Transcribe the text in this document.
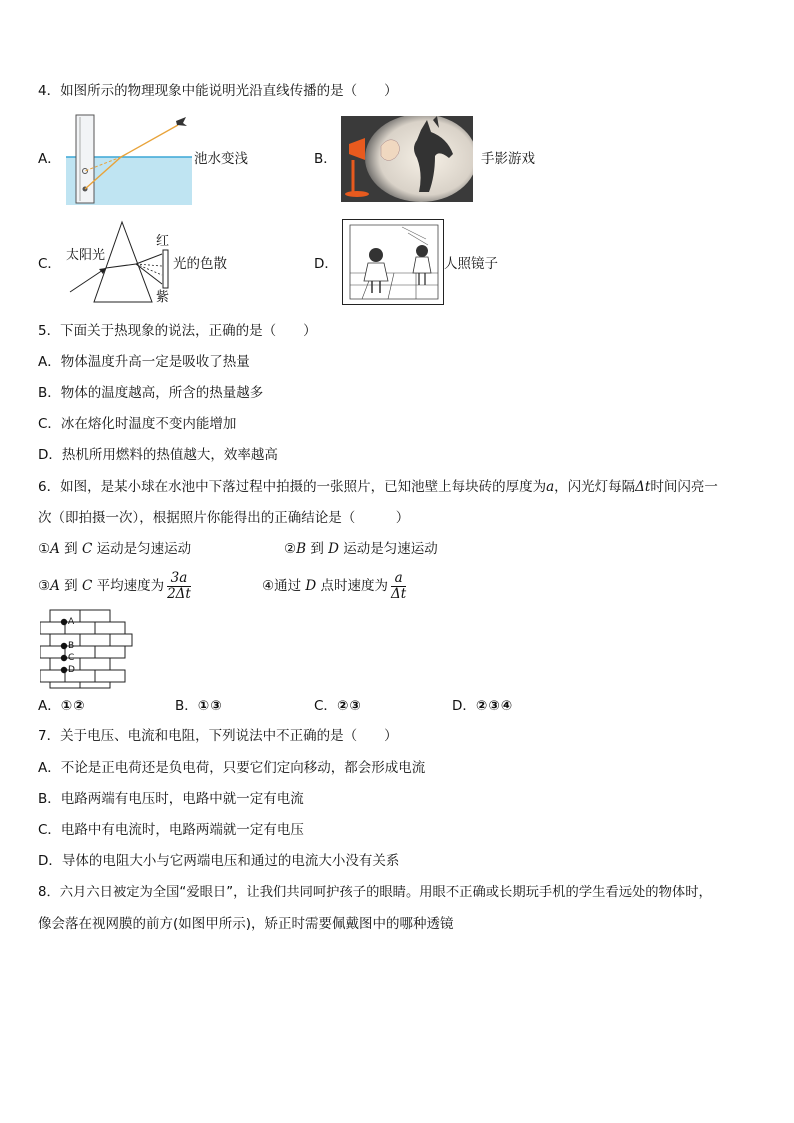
4．如图所示的物理现象中能说明光沿直线传播的是（　　）
A．	池水变浅	B．	手影游戏
C．
太阳光
红
紫
光的色散	D．	人照镜子
5．下面关于热现象的说法，正确的是（　　）
A．物体温度升高一定是吸收了热量
B．物体的温度越高，所含的热量越多
C．冰在熔化时温度不变内能增加
D．热机所用燃料的热值越大，效率越高
6．如图，是某小球在水池中下落过程中拍摄的一张照片，已知池壁上每块砖的厚度为a，闪光灯每隔Δt时间闪亮一
次（即拍摄一次），根据照片你能得出的正确结论是（　　　）
①A 到 C 运动是匀速运动	②B 到 D 运动是匀速运动
③A 到 C 平均速度为 $\frac{3a}{2\Delta t}$	④通过 D 点时速度为 $\frac{a}{\Delta t}$
A
B
C
D
A．①②	B．①③	C．②③	D．②③④
7．关于电压、电流和电阻，下列说法中不正确的是（　　）
A．不论是正电荷还是负电荷，只要它们定向移动，都会形成电流
B．电路两端有电压时，电路中就一定有电流
C．电路中有电流时，电路两端就一定有电压
D．导体的电阻大小与它两端电压和通过的电流大小没有关系
8．六月六日被定为全国“爱眼日”，让我们共同呵护孩子的眼睛。用眼不正确或长期玩手机的学生看远处的物体时，
像会落在视网膜的前方(如图甲所示)，矫正时需要佩戴图中的哪种透镜
